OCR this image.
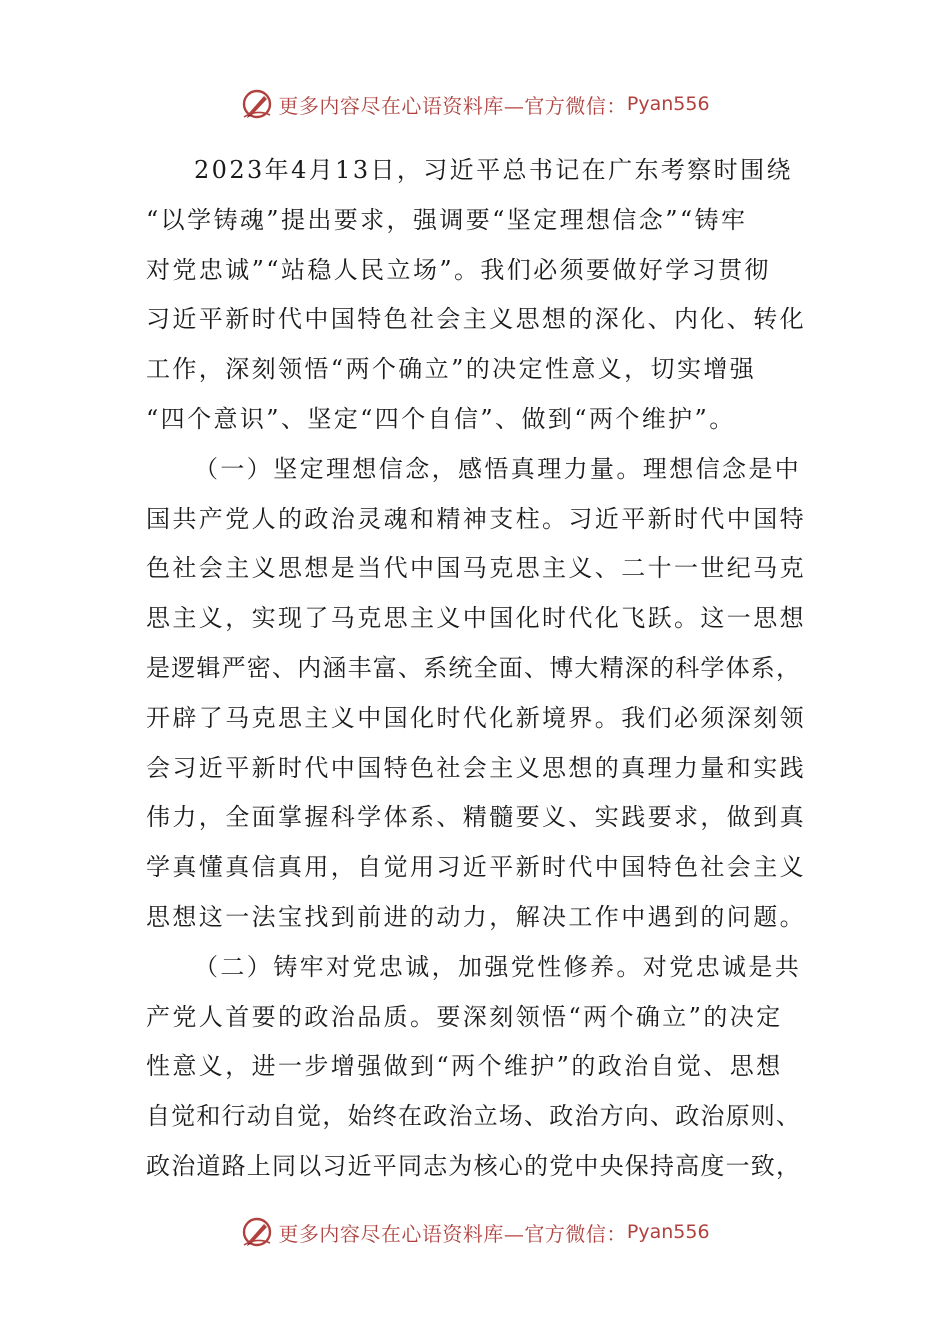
更多内容尽在心语资料库—官方微信： Pyan556
2023年4月13日，习近平总书记在广东考察时围绕
“以学铸魂”提出要求，强调要“坚定理想信念”“铸牢
对党忠诚”“站稳人民立场”。我们必须要做好学习贯彻
习近平新时代中国特色社会主义思想的深化、内化、转化
工作，深刻领悟“两个确立”的决定性意义，切实增强
“四个意识”、坚定“四个自信”、做到“两个维护”。
（一）坚定理想信念，感悟真理力量。理想信念是中
国共产党人的政治灵魂和精神支柱。习近平新时代中国特
色社会主义思想是当代中国马克思主义、二十一世纪马克
思主义，实现了马克思主义中国化时代化飞跃。这一思想
是逻辑严密、内涵丰富、系统全面、博大精深的科学体系，
开辟了马克思主义中国化时代化新境界。我们必须深刻领
会习近平新时代中国特色社会主义思想的真理力量和实践
伟力，全面掌握科学体系、精髓要义、实践要求，做到真
学真懂真信真用，自觉用习近平新时代中国特色社会主义
思想这一法宝找到前进的动力，解决工作中遇到的问题。
（二）铸牢对党忠诚，加强党性修养。对党忠诚是共
产党人首要的政治品质。要深刻领悟“两个确立”的决定
性意义，进一步增强做到“两个维护”的政治自觉、思想
自觉和行动自觉，始终在政治立场、政治方向、政治原则、
政治道路上同以习近平同志为核心的党中央保持高度一致，
更多内容尽在心语资料库—官方微信： Pyan556
